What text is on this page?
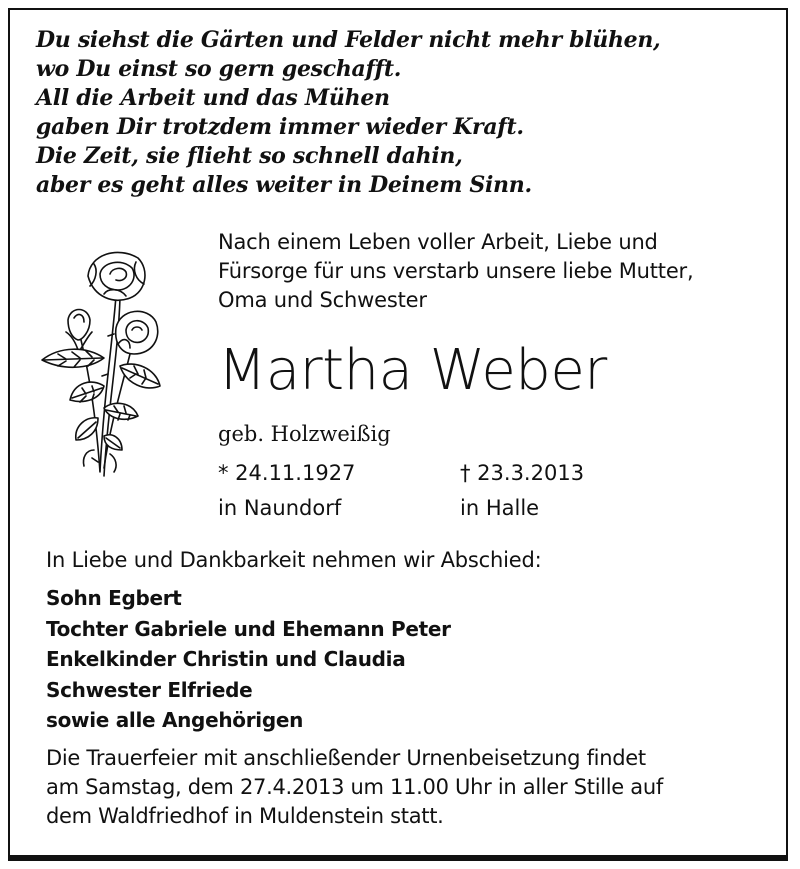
Du siehst die Gärten und Felder nicht mehr blühen,
wo Du einst so gern geschafft.
All die Arbeit und das Mühen
gaben Dir trotzdem immer wieder Kraft.
Die Zeit, sie flieht so schnell dahin,
aber es geht alles weiter in Deinem Sinn.
Nach einem Leben voller Arbeit, Liebe und
Fürsorge für uns verstarb unsere liebe Mutter,
Oma und Schwester
Martha Weber
geb. Holzweißig
* 24.11.1927
in Naundorf
† 23.3.2013
in Halle
In Liebe und Dankbarkeit nehmen wir Abschied:
Sohn Egbert
Tochter Gabriele und Ehemann Peter
Enkelkinder Christin und Claudia
Schwester Elfriede
sowie alle Angehörigen
Die Trauerfeier mit anschließender Urnenbeisetzung findet
am Samstag, dem 27.4.2013 um 11.00 Uhr in aller Stille auf
dem Waldfriedhof in Muldenstein statt.
